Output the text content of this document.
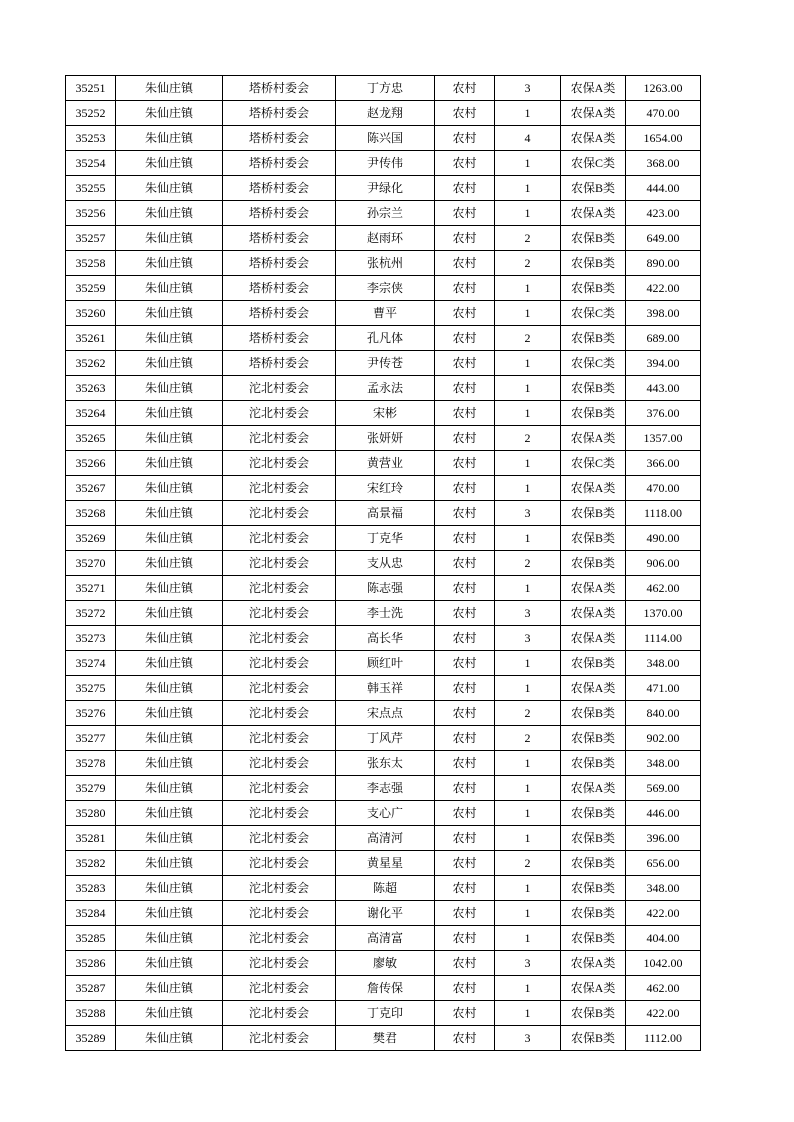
35251	朱仙庄镇	塔桥村委会	丁方忠	农村	3	农保A类	1263.00
35252	朱仙庄镇	塔桥村委会	赵龙翔	农村	1	农保A类	470.00
35253	朱仙庄镇	塔桥村委会	陈兴国	农村	4	农保A类	1654.00
35254	朱仙庄镇	塔桥村委会	尹传伟	农村	1	农保C类	368.00
35255	朱仙庄镇	塔桥村委会	尹绿化	农村	1	农保B类	444.00
35256	朱仙庄镇	塔桥村委会	孙宗兰	农村	1	农保A类	423.00
35257	朱仙庄镇	塔桥村委会	赵雨环	农村	2	农保B类	649.00
35258	朱仙庄镇	塔桥村委会	张杭州	农村	2	农保B类	890.00
35259	朱仙庄镇	塔桥村委会	李宗侠	农村	1	农保B类	422.00
35260	朱仙庄镇	塔桥村委会	曹平	农村	1	农保C类	398.00
35261	朱仙庄镇	塔桥村委会	孔凡体	农村	2	农保B类	689.00
35262	朱仙庄镇	塔桥村委会	尹传苍	农村	1	农保C类	394.00
35263	朱仙庄镇	沱北村委会	孟永法	农村	1	农保B类	443.00
35264	朱仙庄镇	沱北村委会	宋彬	农村	1	农保B类	376.00
35265	朱仙庄镇	沱北村委会	张妍妍	农村	2	农保A类	1357.00
35266	朱仙庄镇	沱北村委会	黄营业	农村	1	农保C类	366.00
35267	朱仙庄镇	沱北村委会	宋红玲	农村	1	农保A类	470.00
35268	朱仙庄镇	沱北村委会	高景福	农村	3	农保B类	1118.00
35269	朱仙庄镇	沱北村委会	丁克华	农村	1	农保B类	490.00
35270	朱仙庄镇	沱北村委会	支从忠	农村	2	农保B类	906.00
35271	朱仙庄镇	沱北村委会	陈志强	农村	1	农保A类	462.00
35272	朱仙庄镇	沱北村委会	李士洗	农村	3	农保A类	1370.00
35273	朱仙庄镇	沱北村委会	高长华	农村	3	农保A类	1114.00
35274	朱仙庄镇	沱北村委会	顾红叶	农村	1	农保B类	348.00
35275	朱仙庄镇	沱北村委会	韩玉祥	农村	1	农保A类	471.00
35276	朱仙庄镇	沱北村委会	宋点点	农村	2	农保B类	840.00
35277	朱仙庄镇	沱北村委会	丁风芹	农村	2	农保B类	902.00
35278	朱仙庄镇	沱北村委会	张东太	农村	1	农保B类	348.00
35279	朱仙庄镇	沱北村委会	李志强	农村	1	农保A类	569.00
35280	朱仙庄镇	沱北村委会	支心广	农村	1	农保B类	446.00
35281	朱仙庄镇	沱北村委会	高清河	农村	1	农保B类	396.00
35282	朱仙庄镇	沱北村委会	黄星星	农村	2	农保B类	656.00
35283	朱仙庄镇	沱北村委会	陈超	农村	1	农保B类	348.00
35284	朱仙庄镇	沱北村委会	谢化平	农村	1	农保B类	422.00
35285	朱仙庄镇	沱北村委会	高清富	农村	1	农保B类	404.00
35286	朱仙庄镇	沱北村委会	廖敏	农村	3	农保A类	1042.00
35287	朱仙庄镇	沱北村委会	詹传保	农村	1	农保A类	462.00
35288	朱仙庄镇	沱北村委会	丁克印	农村	1	农保B类	422.00
35289	朱仙庄镇	沱北村委会	樊君	农村	3	农保B类	1112.00
